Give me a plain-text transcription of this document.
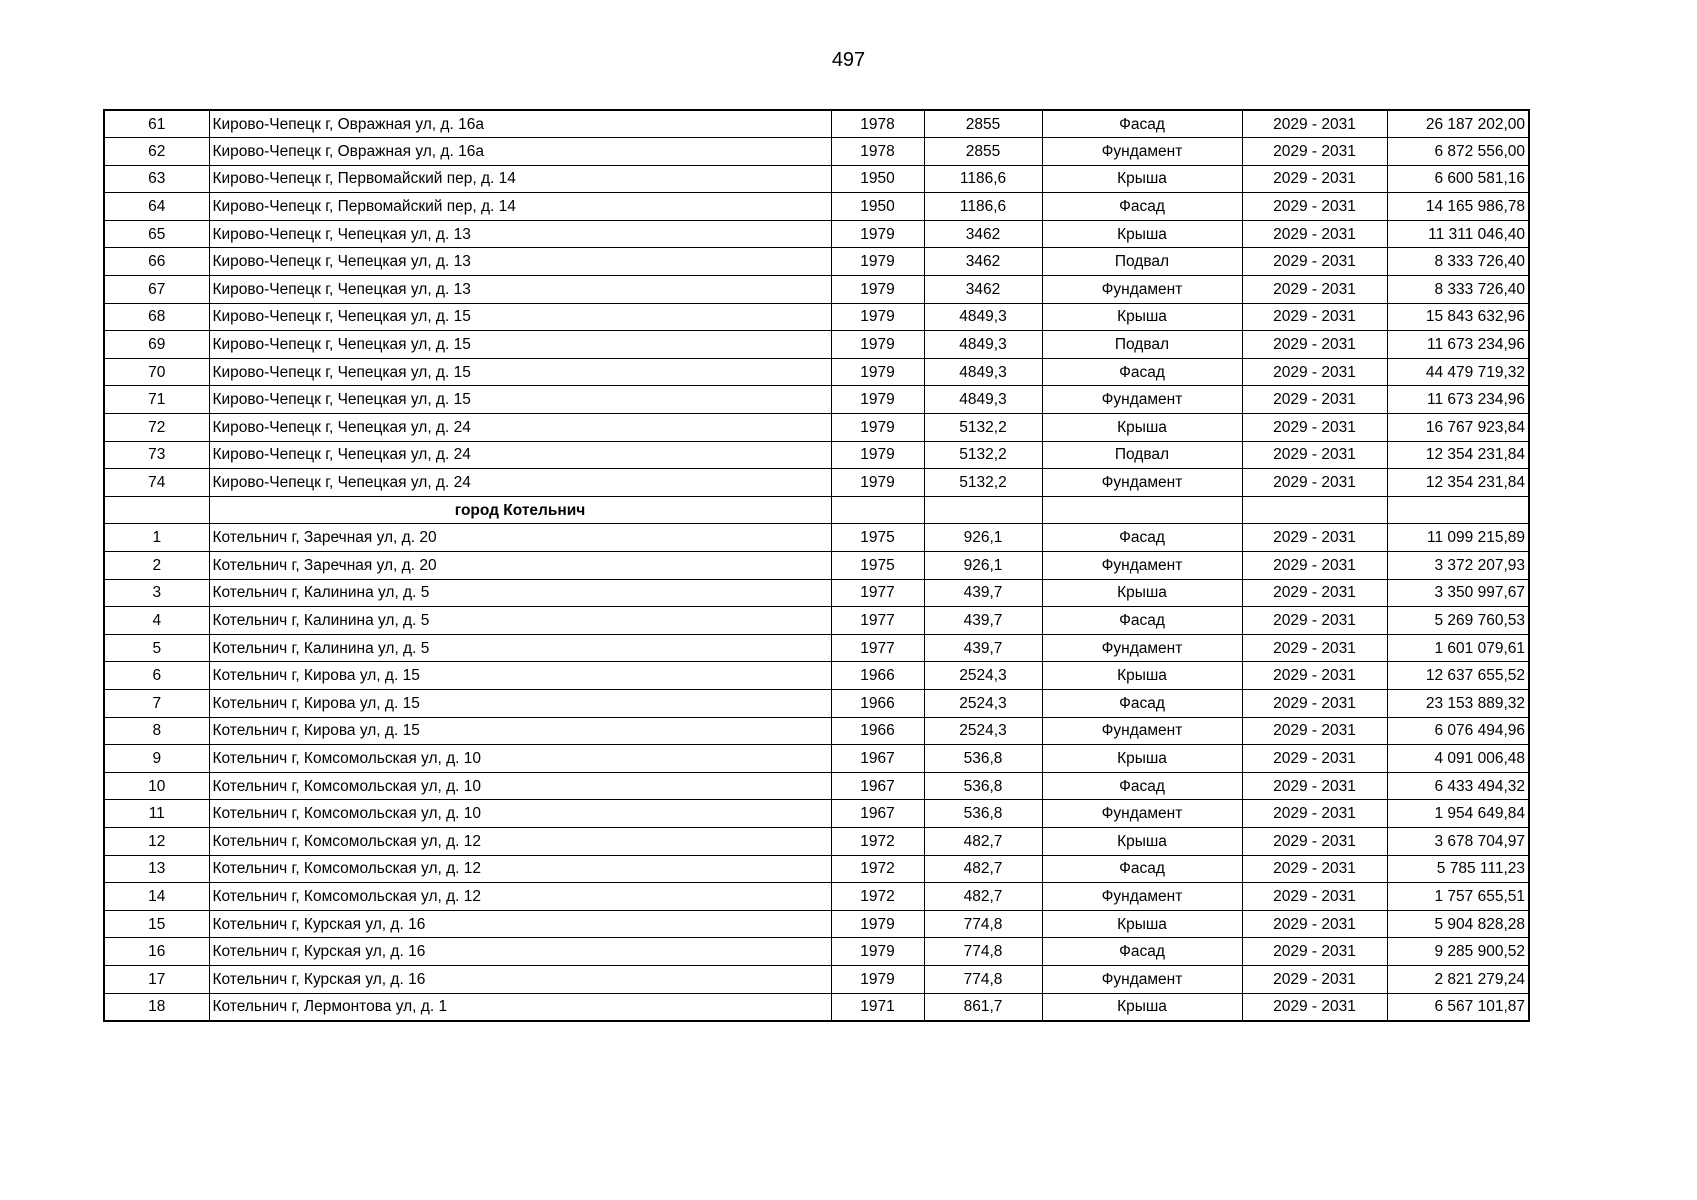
497
61	Кирово-Чепецк г, Овражная ул, д. 16а	1978	2855	Фасад	2029 - 2031	26 187 202,00
62	Кирово-Чепецк г, Овражная ул, д. 16а	1978	2855	Фундамент	2029 - 2031	6 872 556,00
63	Кирово-Чепецк г, Первомайский пер, д. 14	1950	1186,6	Крыша	2029 - 2031	6 600 581,16
64	Кирово-Чепецк г, Первомайский пер, д. 14	1950	1186,6	Фасад	2029 - 2031	14 165 986,78
65	Кирово-Чепецк г, Чепецкая ул, д. 13	1979	3462	Крыша	2029 - 2031	11 311 046,40
66	Кирово-Чепецк г, Чепецкая ул, д. 13	1979	3462	Подвал	2029 - 2031	8 333 726,40
67	Кирово-Чепецк г, Чепецкая ул, д. 13	1979	3462	Фундамент	2029 - 2031	8 333 726,40
68	Кирово-Чепецк г, Чепецкая ул, д. 15	1979	4849,3	Крыша	2029 - 2031	15 843 632,96
69	Кирово-Чепецк г, Чепецкая ул, д. 15	1979	4849,3	Подвал	2029 - 2031	11 673 234,96
70	Кирово-Чепецк г, Чепецкая ул, д. 15	1979	4849,3	Фасад	2029 - 2031	44 479 719,32
71	Кирово-Чепецк г, Чепецкая ул, д. 15	1979	4849,3	Фундамент	2029 - 2031	11 673 234,96
72	Кирово-Чепецк г, Чепецкая ул, д. 24	1979	5132,2	Крыша	2029 - 2031	16 767 923,84
73	Кирово-Чепецк г, Чепецкая ул, д. 24	1979	5132,2	Подвал	2029 - 2031	12 354 231,84
74	Кирово-Чепецк г, Чепецкая ул, д. 24	1979	5132,2	Фундамент	2029 - 2031	12 354 231,84
	город Котельнич					
1	Котельнич г, Заречная ул, д. 20	1975	926,1	Фасад	2029 - 2031	11 099 215,89
2	Котельнич г, Заречная ул, д. 20	1975	926,1	Фундамент	2029 - 2031	3 372 207,93
3	Котельнич г, Калинина ул, д. 5	1977	439,7	Крыша	2029 - 2031	3 350 997,67
4	Котельнич г, Калинина ул, д. 5	1977	439,7	Фасад	2029 - 2031	5 269 760,53
5	Котельнич г, Калинина ул, д. 5	1977	439,7	Фундамент	2029 - 2031	1 601 079,61
6	Котельнич г, Кирова ул, д. 15	1966	2524,3	Крыша	2029 - 2031	12 637 655,52
7	Котельнич г, Кирова ул, д. 15	1966	2524,3	Фасад	2029 - 2031	23 153 889,32
8	Котельнич г, Кирова ул, д. 15	1966	2524,3	Фундамент	2029 - 2031	6 076 494,96
9	Котельнич г, Комсомольская ул, д. 10	1967	536,8	Крыша	2029 - 2031	4 091 006,48
10	Котельнич г, Комсомольская ул, д. 10	1967	536,8	Фасад	2029 - 2031	6 433 494,32
11	Котельнич г, Комсомольская ул, д. 10	1967	536,8	Фундамент	2029 - 2031	1 954 649,84
12	Котельнич г, Комсомольская ул, д. 12	1972	482,7	Крыша	2029 - 2031	3 678 704,97
13	Котельнич г, Комсомольская ул, д. 12	1972	482,7	Фасад	2029 - 2031	5 785 111,23
14	Котельнич г, Комсомольская ул, д. 12	1972	482,7	Фундамент	2029 - 2031	1 757 655,51
15	Котельнич г, Курская ул, д. 16	1979	774,8	Крыша	2029 - 2031	5 904 828,28
16	Котельнич г, Курская ул, д. 16	1979	774,8	Фасад	2029 - 2031	9 285 900,52
17	Котельнич г, Курская ул, д. 16	1979	774,8	Фундамент	2029 - 2031	2 821 279,24
18	Котельнич г, Лермонтова ул, д. 1	1971	861,7	Крыша	2029 - 2031	6 567 101,87
